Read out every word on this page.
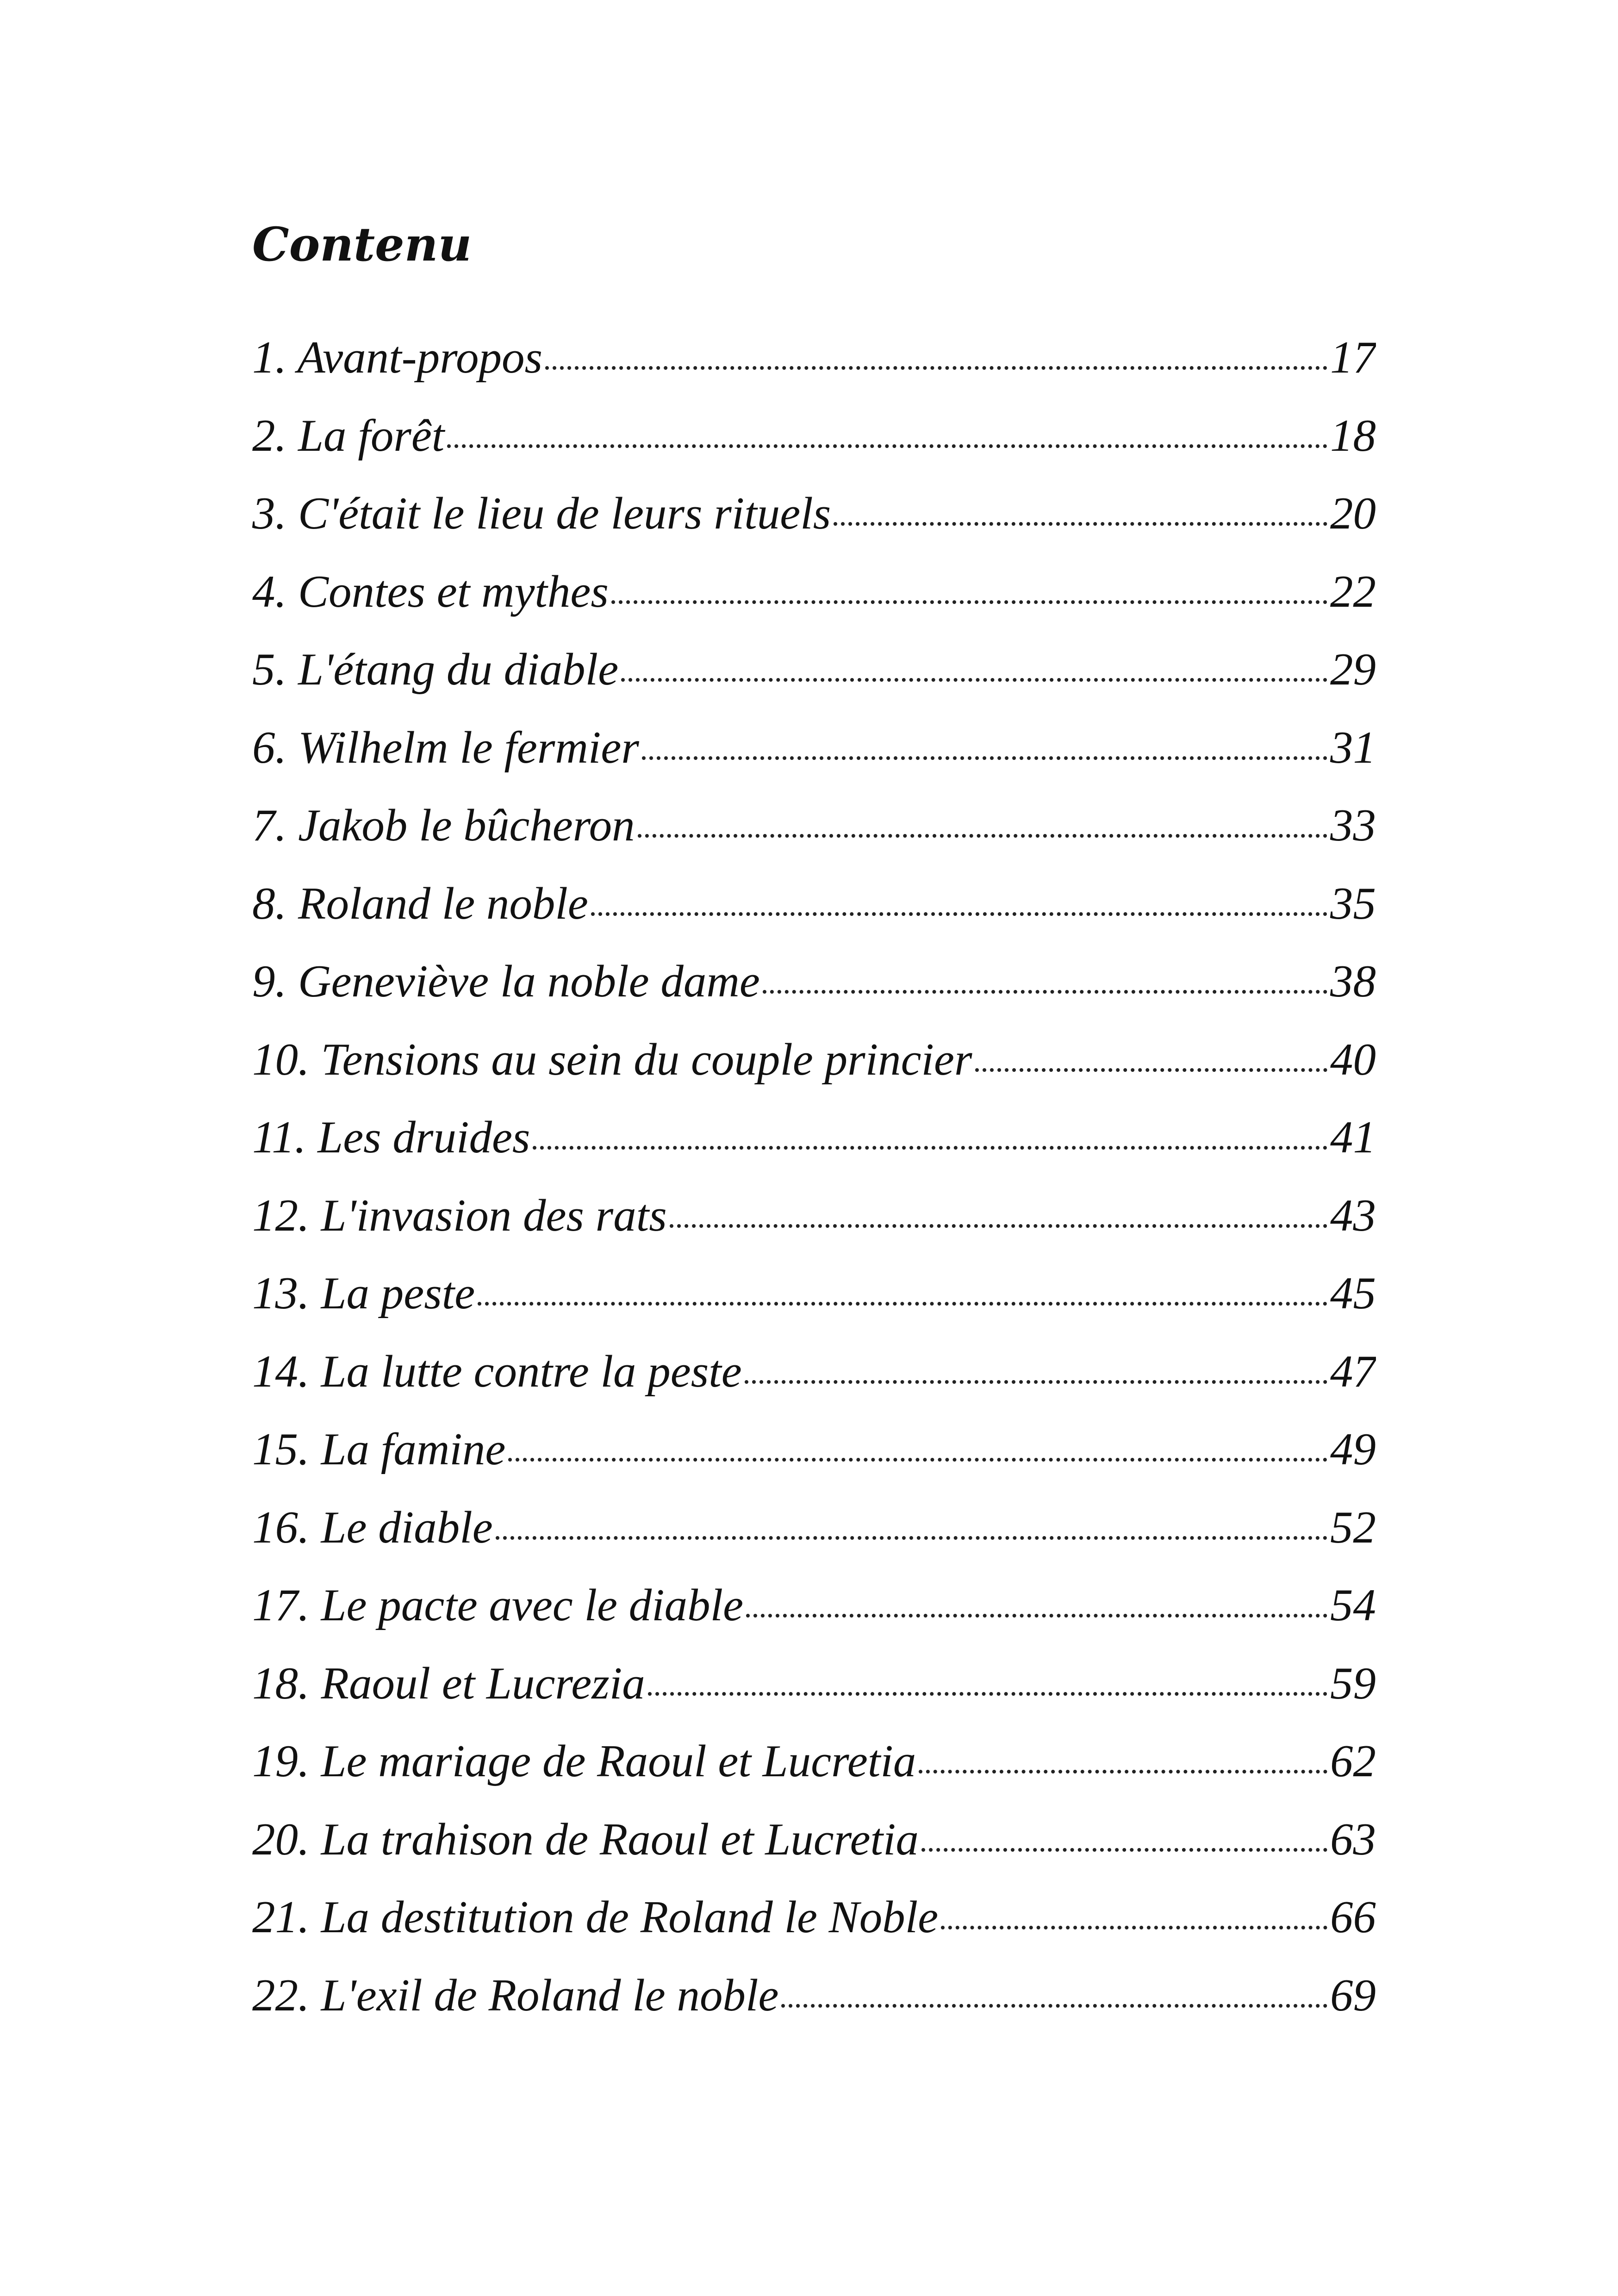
Contenu
1. Avant-propos	17
2. La forêt	18
3. C'était le lieu de leurs rituels	20
4. Contes et mythes	22
5. L'étang du diable	29
6. Wilhelm le fermier	31
7. Jakob le bûcheron	33
8. Roland le noble	35
9. Geneviève la noble dame	38
10. Tensions au sein du couple princier	40
11. Les druides	41
12. L'invasion des rats	43
13. La peste	45
14. La lutte contre la peste	47
15. La famine	49
16. Le diable	52
17. Le pacte avec le diable	54
18. Raoul et Lucrezia	59
19. Le mariage de Raoul et Lucretia	62
20. La trahison de Raoul et Lucretia	63
21. La destitution de Roland le Noble	66
22. L'exil de Roland le noble	69
